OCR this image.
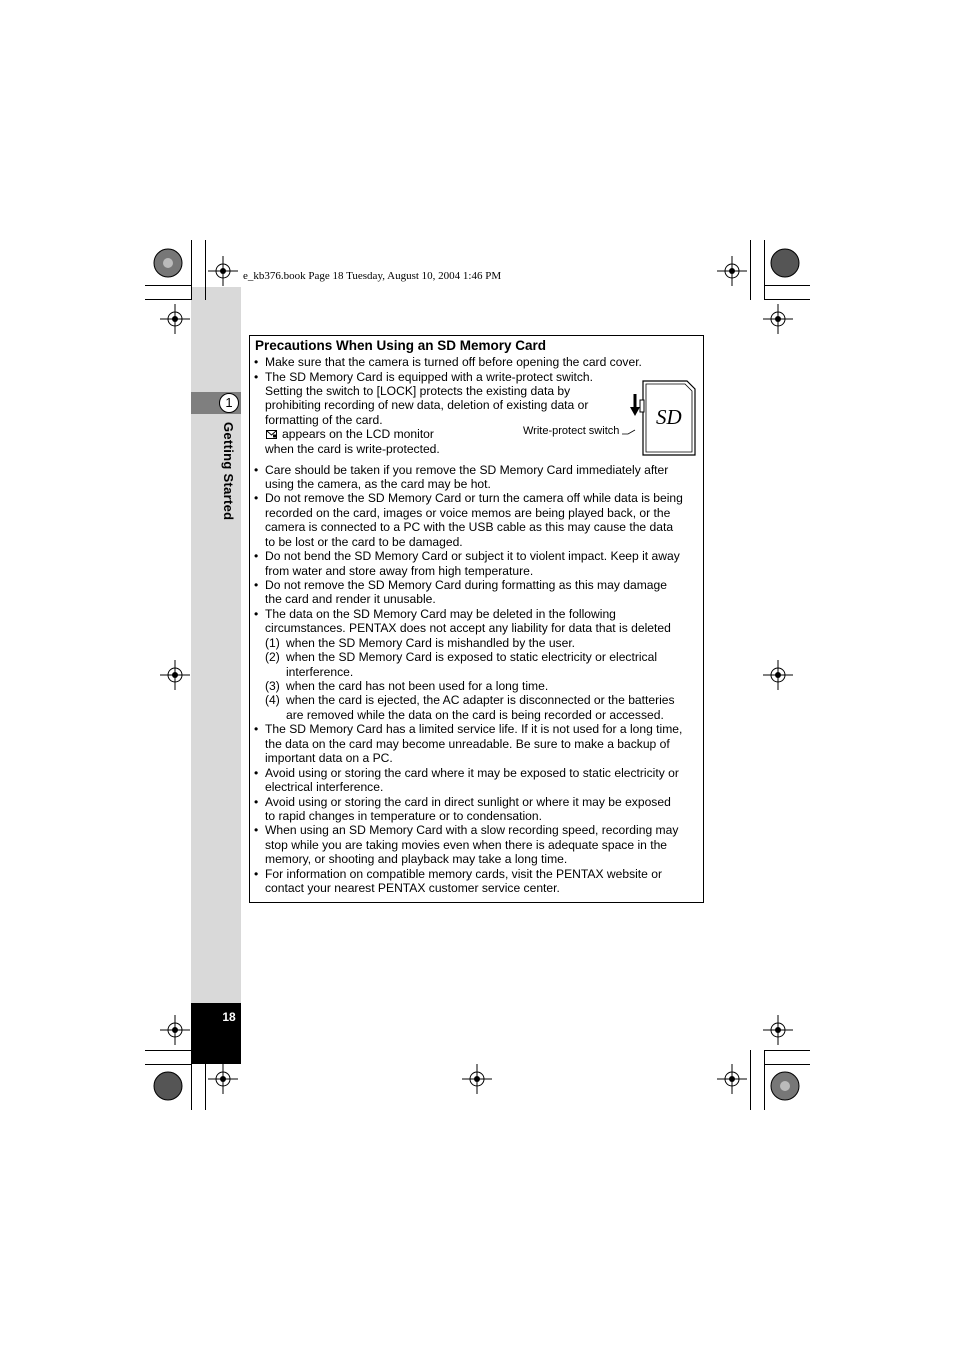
e_kb376.book Page 18 Tuesday, August 10, 2004 1:46 PM
1
Getting Started
18
Precautions When Using an SD Memory Card
• Make sure that the camera is turned off before opening the card cover.
• The SD Memory Card is equipped with a write-protect switch.
Setting the switch to [LOCK] protects the existing data by
prohibiting recording of new data, deletion of existing data or
formatting of the card.
appears on the LCD monitor
when the card is write-protected.
• Care should be taken if you remove the SD Memory Card immediately after
using the camera, as the card may be hot.
• Do not remove the SD Memory Card or turn the camera off while data is being
recorded on the card, images or voice memos are being played back, or the
camera is connected to a PC with the USB cable as this may cause the data
to be lost or the card to be damaged.
• Do not bend the SD Memory Card or subject it to violent impact. Keep it away
from water and store away from high temperature.
• Do not remove the SD Memory Card during formatting as this may damage
the card and render it unusable.
• The data on the SD Memory Card may be deleted in the following
circumstances. PENTAX does not accept any liability for data that is deleted
(1) when the SD Memory Card is mishandled by the user.
(2) when the SD Memory Card is exposed to static electricity or electrical
interference.
(3) when the card has not been used for a long time.
(4) when the card is ejected, the AC adapter is disconnected or the batteries
are removed while the data on the card is being recorded or accessed.
• The SD Memory Card has a limited service life. If it is not used for a long time,
the data on the card may become unreadable. Be sure to make a backup of
important data on a PC.
• Avoid using or storing the card where it may be exposed to static electricity or
electrical interference.
• Avoid using or storing the card in direct sunlight or where it may be exposed
to rapid changes in temperature or to condensation.
• When using an SD Memory Card with a slow recording speed, recording may
stop while you are taking movies even when there is adequate space in the
memory, or shooting and playback may take a long time.
• For information on compatible memory cards, visit the PENTAX website or
contact your nearest PENTAX customer service center.
SD
Write-protect switch
